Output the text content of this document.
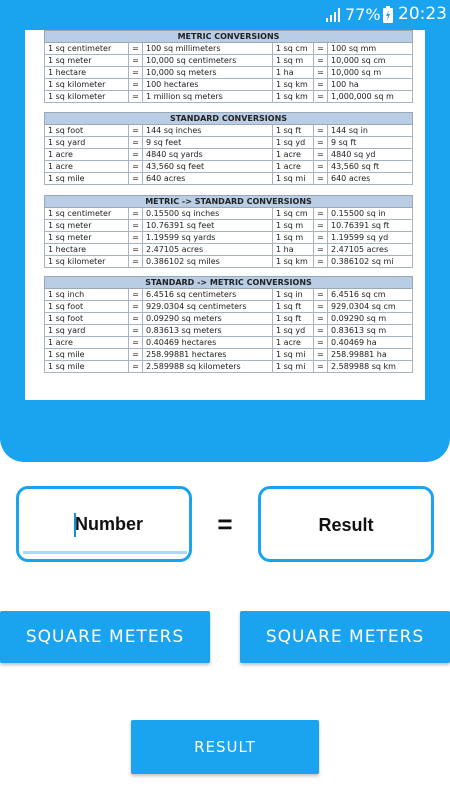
77% 20:23
METRIC CONVERSIONS					
1 sq centimeter	=	100 sq millimeters	1 sq cm	=	100 sq mm
1 sq meter	=	10,000 sq centimeters	1 sq m	=	10,000 sq cm
1 hectare	=	10,000 sq meters	1 ha	=	10,000 sq m
1 sq kilometer	=	100 hectares	1 sq km	=	100 ha
1 sq kilometer	=	1 million sq meters	1 sq km	=	1,000,000 sq m
STANDARD CONVERSIONS					
1 sq foot	=	144 sq inches	1 sq ft	=	144 sq in
1 sq yard	=	9 sq feet	1 sq yd	=	9 sq ft
1 acre	=	4840 sq yards	1 acre	=	4840 sq yd
1 acre	=	43,560 sq feet	1 acre	=	43,560 sq ft
1 sq mile	=	640 acres	1 sq mi	=	640 acres
METRIC -> STANDARD CONVERSIONS					
1 sq centimeter	=	0.15500 sq inches	1 sq cm	=	0.15500 sq in
1 sq meter	=	10.76391 sq feet	1 sq m	=	10.76391 sq ft
1 sq meter	=	1.19599 sq yards	1 sq m	=	1.19599 sq yd
1 hectare	=	2.47105 acres	1 ha	=	2.47105 acres
1 sq kilometer	=	0.386102 sq miles	1 sq km	=	0.386102 sq mi
STANDARD -> METRIC CONVERSIONS					
1 sq inch	=	6.4516 sq centimeters	1 sq in	=	6.4516 sq cm
1 sq foot	=	929.0304 sq centimeters	1 sq ft	=	929.0304 sq cm
1 sq foot	=	0.09290 sq meters	1 sq ft	=	0.09290 sq m
1 sq yard	=	0.83613 sq meters	1 sq yd	=	0.83613 sq m
1 acre	=	0.40469 hectares	1 acre	=	0.40469 ha
1 sq mile	=	258.99881 hectares	1 sq mi	=	258.99881 ha
1 sq mile	=	2.589988 sq kilometers	1 sq mi	=	2.589988 sq km
Number	=	Result
SQUARE METERS	SQUARE METERS
RESULT
